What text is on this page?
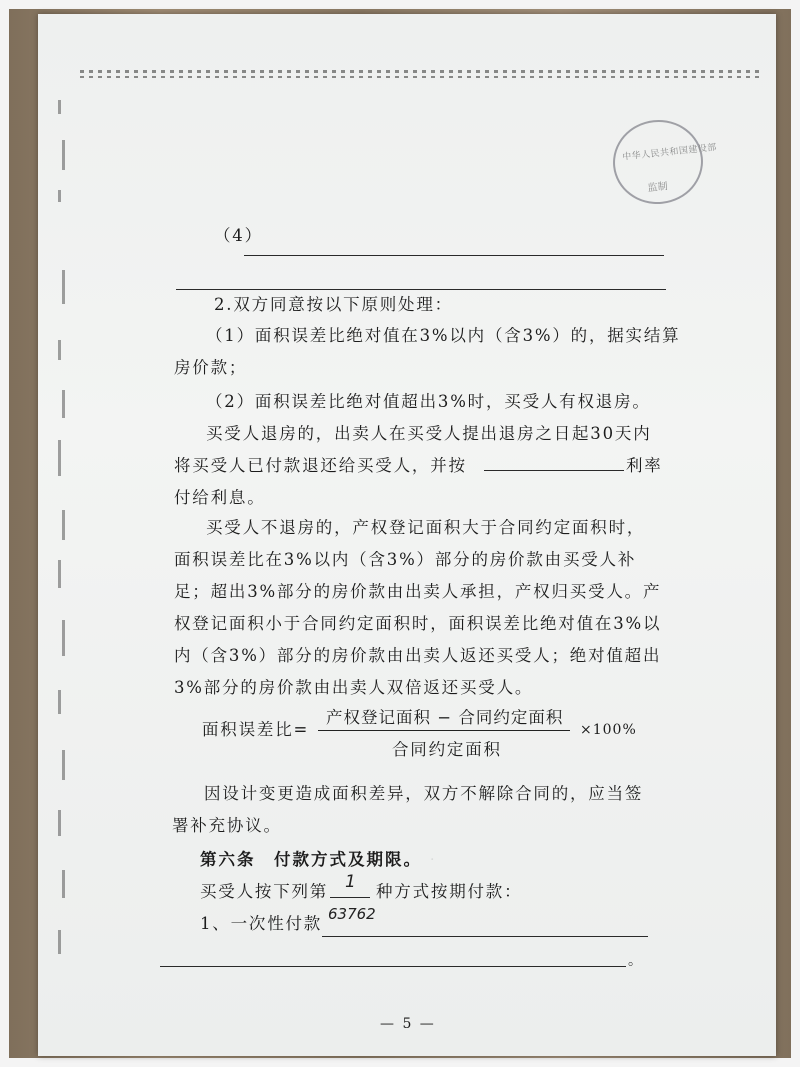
中华人民共和国建设部
监制
（4）
2.双方同意按以下原则处理：
（1）面积误差比绝对值在3%以内（含3%）的，据实结算
房价款；
（2）面积误差比绝对值超出3%时，买受人有权退房。
买受人退房的，出卖人在买受人提出退房之日起30天内
将买受人已付款退还给买受人，并按	利率
付给利息。
买受人不退房的，产权登记面积大于合同约定面积时，
面积误差比在3%以内（含3%）部分的房价款由买受人补
足；超出3%部分的房价款由出卖人承担，产权归买受人。产
权登记面积小于合同约定面积时，面积误差比绝对值在3%以
内（含3%）部分的房价款由出卖人返还买受人；绝对值超出
3%部分的房价款由出卖人双倍返还买受人。
面积误差比=
产权登记面积 − 合同约定面积
合同约定面积
×100%
因设计变更造成面积差异，双方不解除合同的，应当签
署补充协议。
第六条　付款方式及期限。 ·
买受人按下列第 1 种方式按期付款：
1、一次性付款 63762
。
— 5 —
